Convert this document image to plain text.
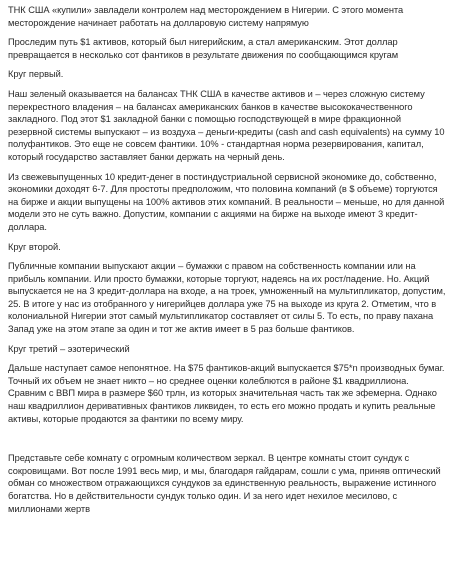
ТНК США «купили» завладели контролем над месторождением в Нигерии. С этого момента месторождение начинает работать на долларовую систему напрямую
Проследим путь $1 активов, который был нигерийским, а стал американским. Этот доллар превращается в несколько сот фантиков в результате движения по сообщающимся кругам
Круг первый.
Наш зеленый оказывается на балансах ТНК США в качестве активов и – через сложную систему перекрестного владения – на балансах американских банков в качестве высококачественного закладного. Под этот $1 закладной банки с помощью господствующей в мире фракционной резервной системы выпускают – из воздуха – деньги-кредиты (cash and cash equivalents) на сумму 10 полуфантиков. Это еще не совсем фантики. 10% - стандартная норма резервирования, капитал, который государство заставляет банки держать на черный день.
Из свежевыпущенных 10 кредит-денег в постиндустриальной сервисной экономике до, собственно, экономики доходят 6-7. Для простоты предположим, что половина компаний (в $ объеме) торгуются на бирже и акции выпущены на 100% активов этих компаний. В реальности – меньше, но для данной модели это не суть важно. Допустим, компании с акциями на бирже на выходе имеют 3 кредит-доллара.
Круг второй.
Публичные компании выпускают акции – бумажки с правом на собственность компании или на прибыль компании. Или просто бумажки, которые торгуют, надеясь на их рост/падение. Но. Акций выпускается не на 3 кредит-доллара на входе, а на троек, умноженный на мультипликатор, допустим, 25. В итоге у нас из отобранного у нигерийцев доллара уже 75 на выходе из круга 2. Отметим, что в колониальной Нигерии этот самый мультипликатор составляет от силы 5. То есть, по праву пахана Запад уже на этом этапе за один и тот же актив имеет в 5 раз больше фантиков.
Круг третий – эзотерический
Дальше наступает самое непонятное. На $75 фантиков-акций выпускается $75*n производных бумаг. Точный их объем не знает никто – но среднее оценки колеблются в районе $1 квадриллиона. Сравним с ВВП мира в размере $60 трлн, из которых значительная часть так же эфемерна. Однако наш квадриллион деривативных фантиков ликвиден, то есть его можно продать и купить реальные активы, которые продаются за фантики по всему миру.
Представьте себе комнату с огромным количеством зеркал. В центре комнаты стоит сундук с сокровищами. Вот после 1991 весь мир, и мы, благодаря гайдарам, сошли с ума, приняв оптический обман со множеством отражающихся сундуков за единственную реальность, выражение истинного богатства. Но в действительности сундук только один. И за него идет нехилое месилово, с миллионами жертв
